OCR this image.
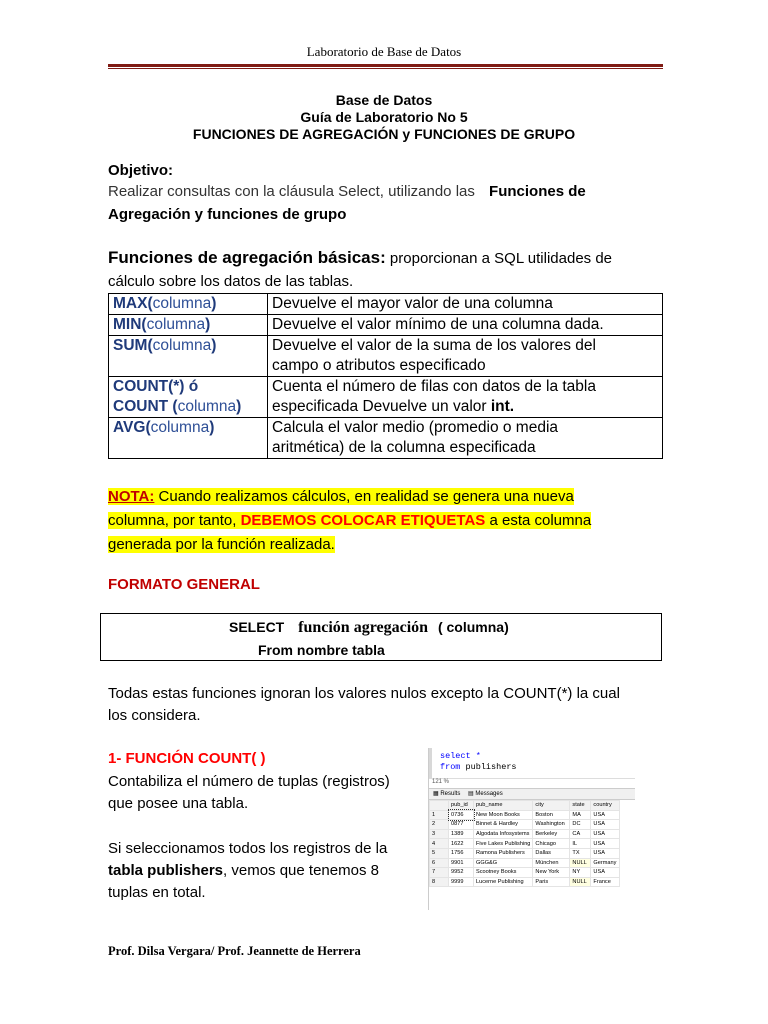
Laboratorio de Base de Datos
Base de Datos
Guía de Laboratorio No 5
FUNCIONES DE AGREGACIÓN y FUNCIONES DE GRUPO
Objetivo:
Realizar consultas con la cláusula Select, utilizando las Funciones de
Agregación y funciones de grupo
Funciones de agregación básicas: proporcionan a SQL utilidades de
cálculo sobre los datos de las tablas.
MAX(columna)	Devuelve el mayor valor de una columna
MIN(columna)	Devuelve el valor mínimo de una columna dada.
SUM(columna)	Devuelve el valor de la suma de los valores del
campo o atributos especificado
COUNT(*) ó
COUNT (columna)	Cuenta el número de filas con datos de la tabla
especificada Devuelve un valor int.
AVG(columna)	Calcula el valor medio (promedio o media
aritmética) de la columna especificada
NOTA: Cuando realizamos cálculos, en realidad se genera una nueva
columna, por tanto, DEBEMOS COLOCAR ETIQUETAS a esta columna
generada por la función realizada.
FORMATO GENERAL
SELECT función agregación ( columna)
From nombre tabla
Todas estas funciones ignoran los valores nulos excepto la COUNT(*) la cual
los considera.
1- FUNCIÓN COUNT( )
Contabiliza el número de tuplas (registros)
que posee una tabla.
Si seleccionamos todos los registros de la
tabla publishers, vemos que tenemos 8
tuplas en total.
select *
from publishers
121 %
▦ Results ▤ Messages
	pub_id	pub_name	city	state	country
1	0736	New Moon Books	Boston	MA	USA
2	0877	Binnet & Hardley	Washington	DC	USA
3	1389	Algodata Infosystems	Berkeley	CA	USA
4	1622	Five Lakes Publishing	Chicago	IL	USA
5	1756	Ramona Publishers	Dallas	TX	USA
6	9901	GGG&G	München	NULL	Germany
7	9952	Scootney Books	New York	NY	USA
8	9999	Lucerne Publishing	Paris	NULL	France
Prof. Dilsa Vergara/ Prof. Jeannette de Herrera
